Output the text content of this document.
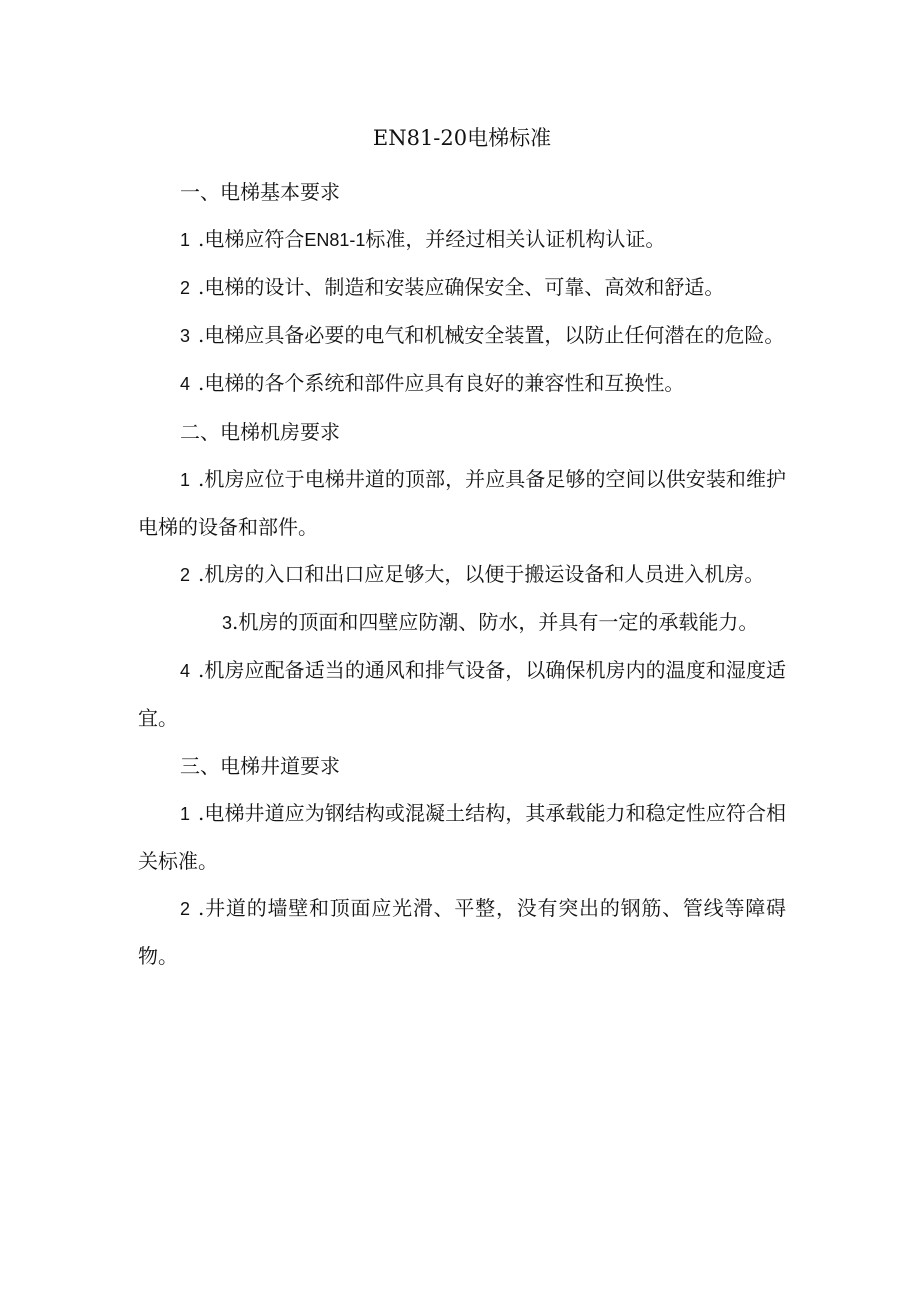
EN81-20电梯标准
一、电梯基本要求

1 .电梯应符合EN81-1标准，并经过相关认证机构认证。

2 .电梯的设计、制造和安装应确保安全、可靠、高效和舒适。

3 .电梯应具备必要的电气和机械安全装置，以防止任何潜在的危险。

4 .电梯的各个系统和部件应具有良好的兼容性和互换性。

二、电梯机房要求

1 .机房应位于电梯井道的顶部，并应具备足够的空间以供安装和维护电梯的设备和部件。

2 .机房的入口和出口应足够大，以便于搬运设备和人员进入机房。

3.机房的顶面和四壁应防潮、防水，并具有一定的承载能力。

4 .机房应配备适当的通风和排气设备，以确保机房内的温度和湿度适宜。

三、电梯井道要求

1 .电梯井道应为钢结构或混凝土结构，其承载能力和稳定性应符合相关标准。

2 .井道的墙壁和顶面应光滑、平整，没有突出的钢筋、管线等障碍物。
